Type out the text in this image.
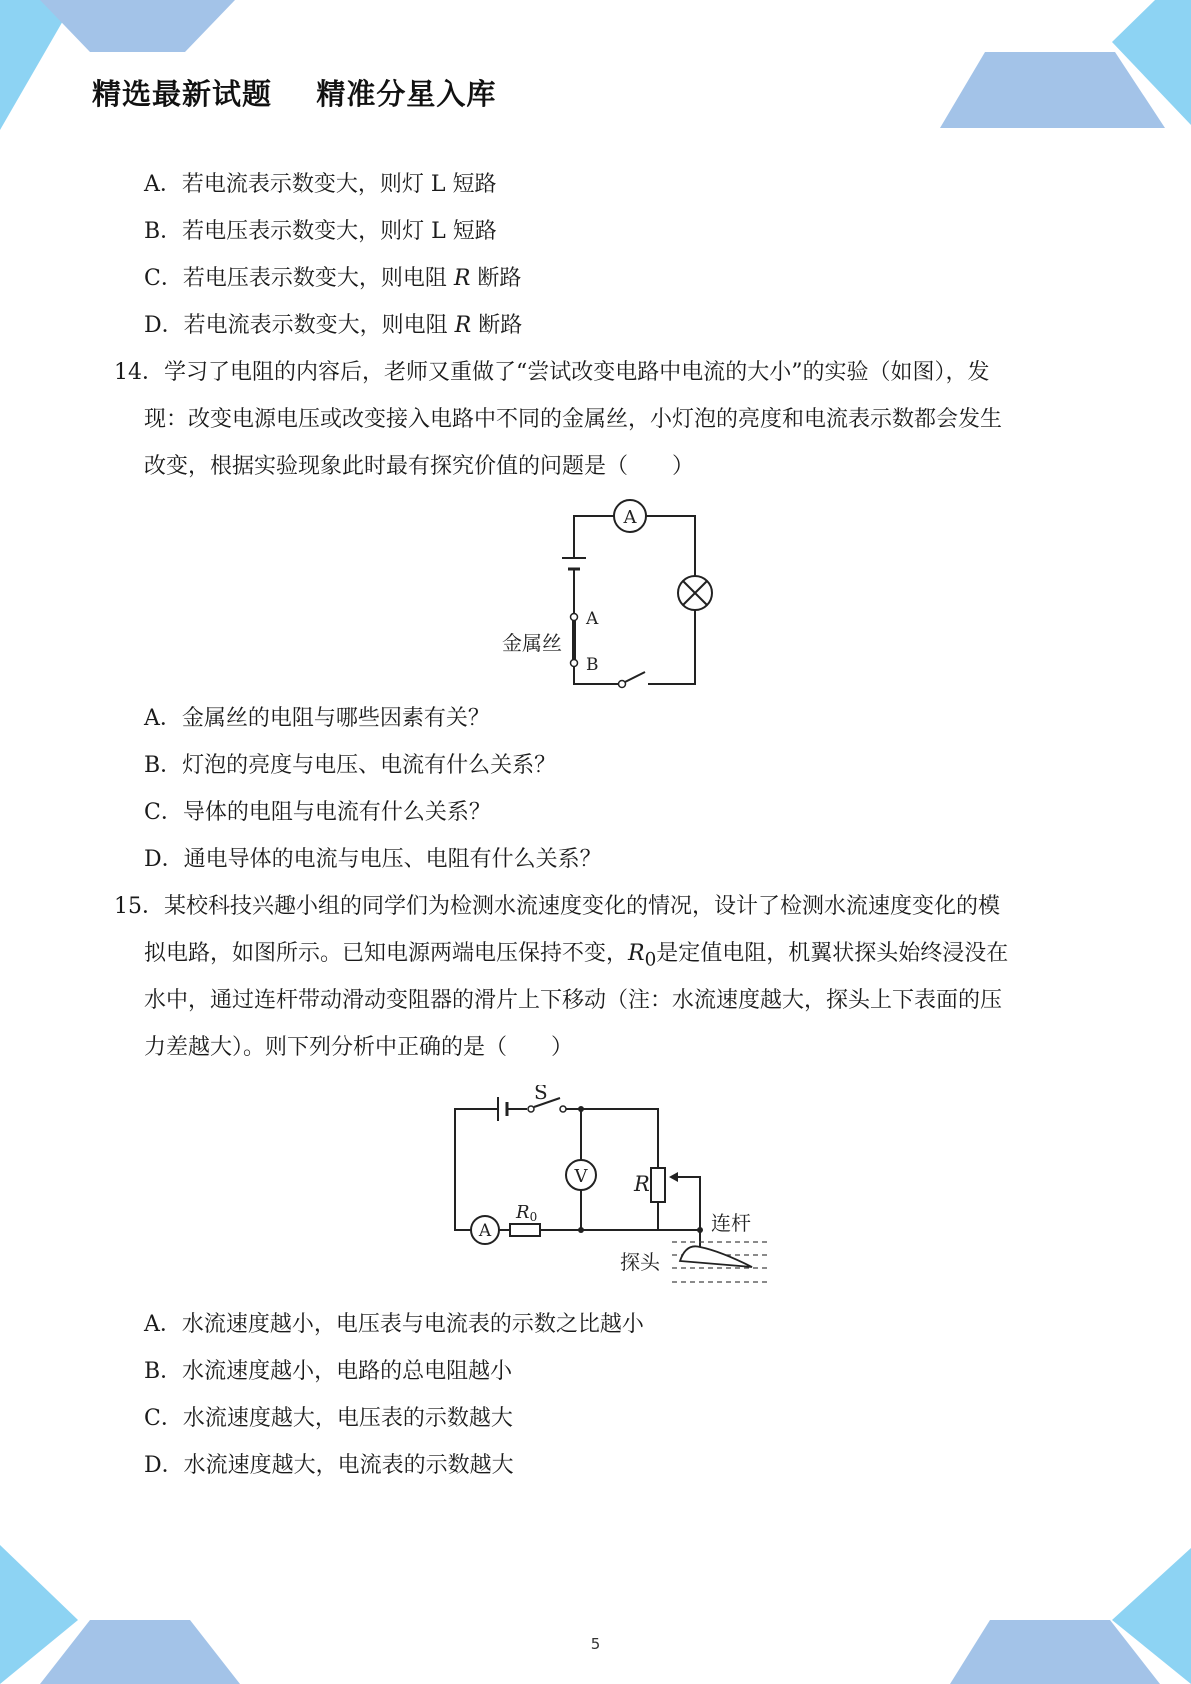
精选最新试题    精准分星入库
A．若电流表示数变大，则灯 L 短路
B．若电压表示数变大，则灯 L 短路
C．若电压表示数变大，则电阻 R 断路
D．若电流表示数变大，则电阻 R 断路
14．学习了电阻的内容后，老师又重做了“尝试改变电路中电流的大小”的实验（如图），发
现：改变电源电压或改变接入电路中不同的金属丝，小灯泡的亮度和电流表示数都会发生
改变，根据实验现象此时最有探究价值的问题是（　　）
A
A
B
金属丝
A．金属丝的电阻与哪些因素有关？
B．灯泡的亮度与电压、电流有什么关系？
C．导体的电阻与电流有什么关系？
D．通电导体的电流与电压、电阻有什么关系？
15．某校科技兴趣小组的同学们为检测水流速度变化的情况，设计了检测水流速度变化的模
拟电路，如图所示。已知电源两端电压保持不变，$R_0$是定值电阻，机翼状探头始终浸没在
水中，通过连杆带动滑动变阻器的滑片上下移动（注：水流速度越大，探头上下表面的压
力差越大）。则下列分析中正确的是（　　）
S
V R
A
R0	连杆
探头
A．水流速度越小，电压表与电流表的示数之比越小
B．水流速度越小，电路的总电阻越小
C．水流速度越大，电压表的示数越大
D．水流速度越大，电流表的示数越大
5
